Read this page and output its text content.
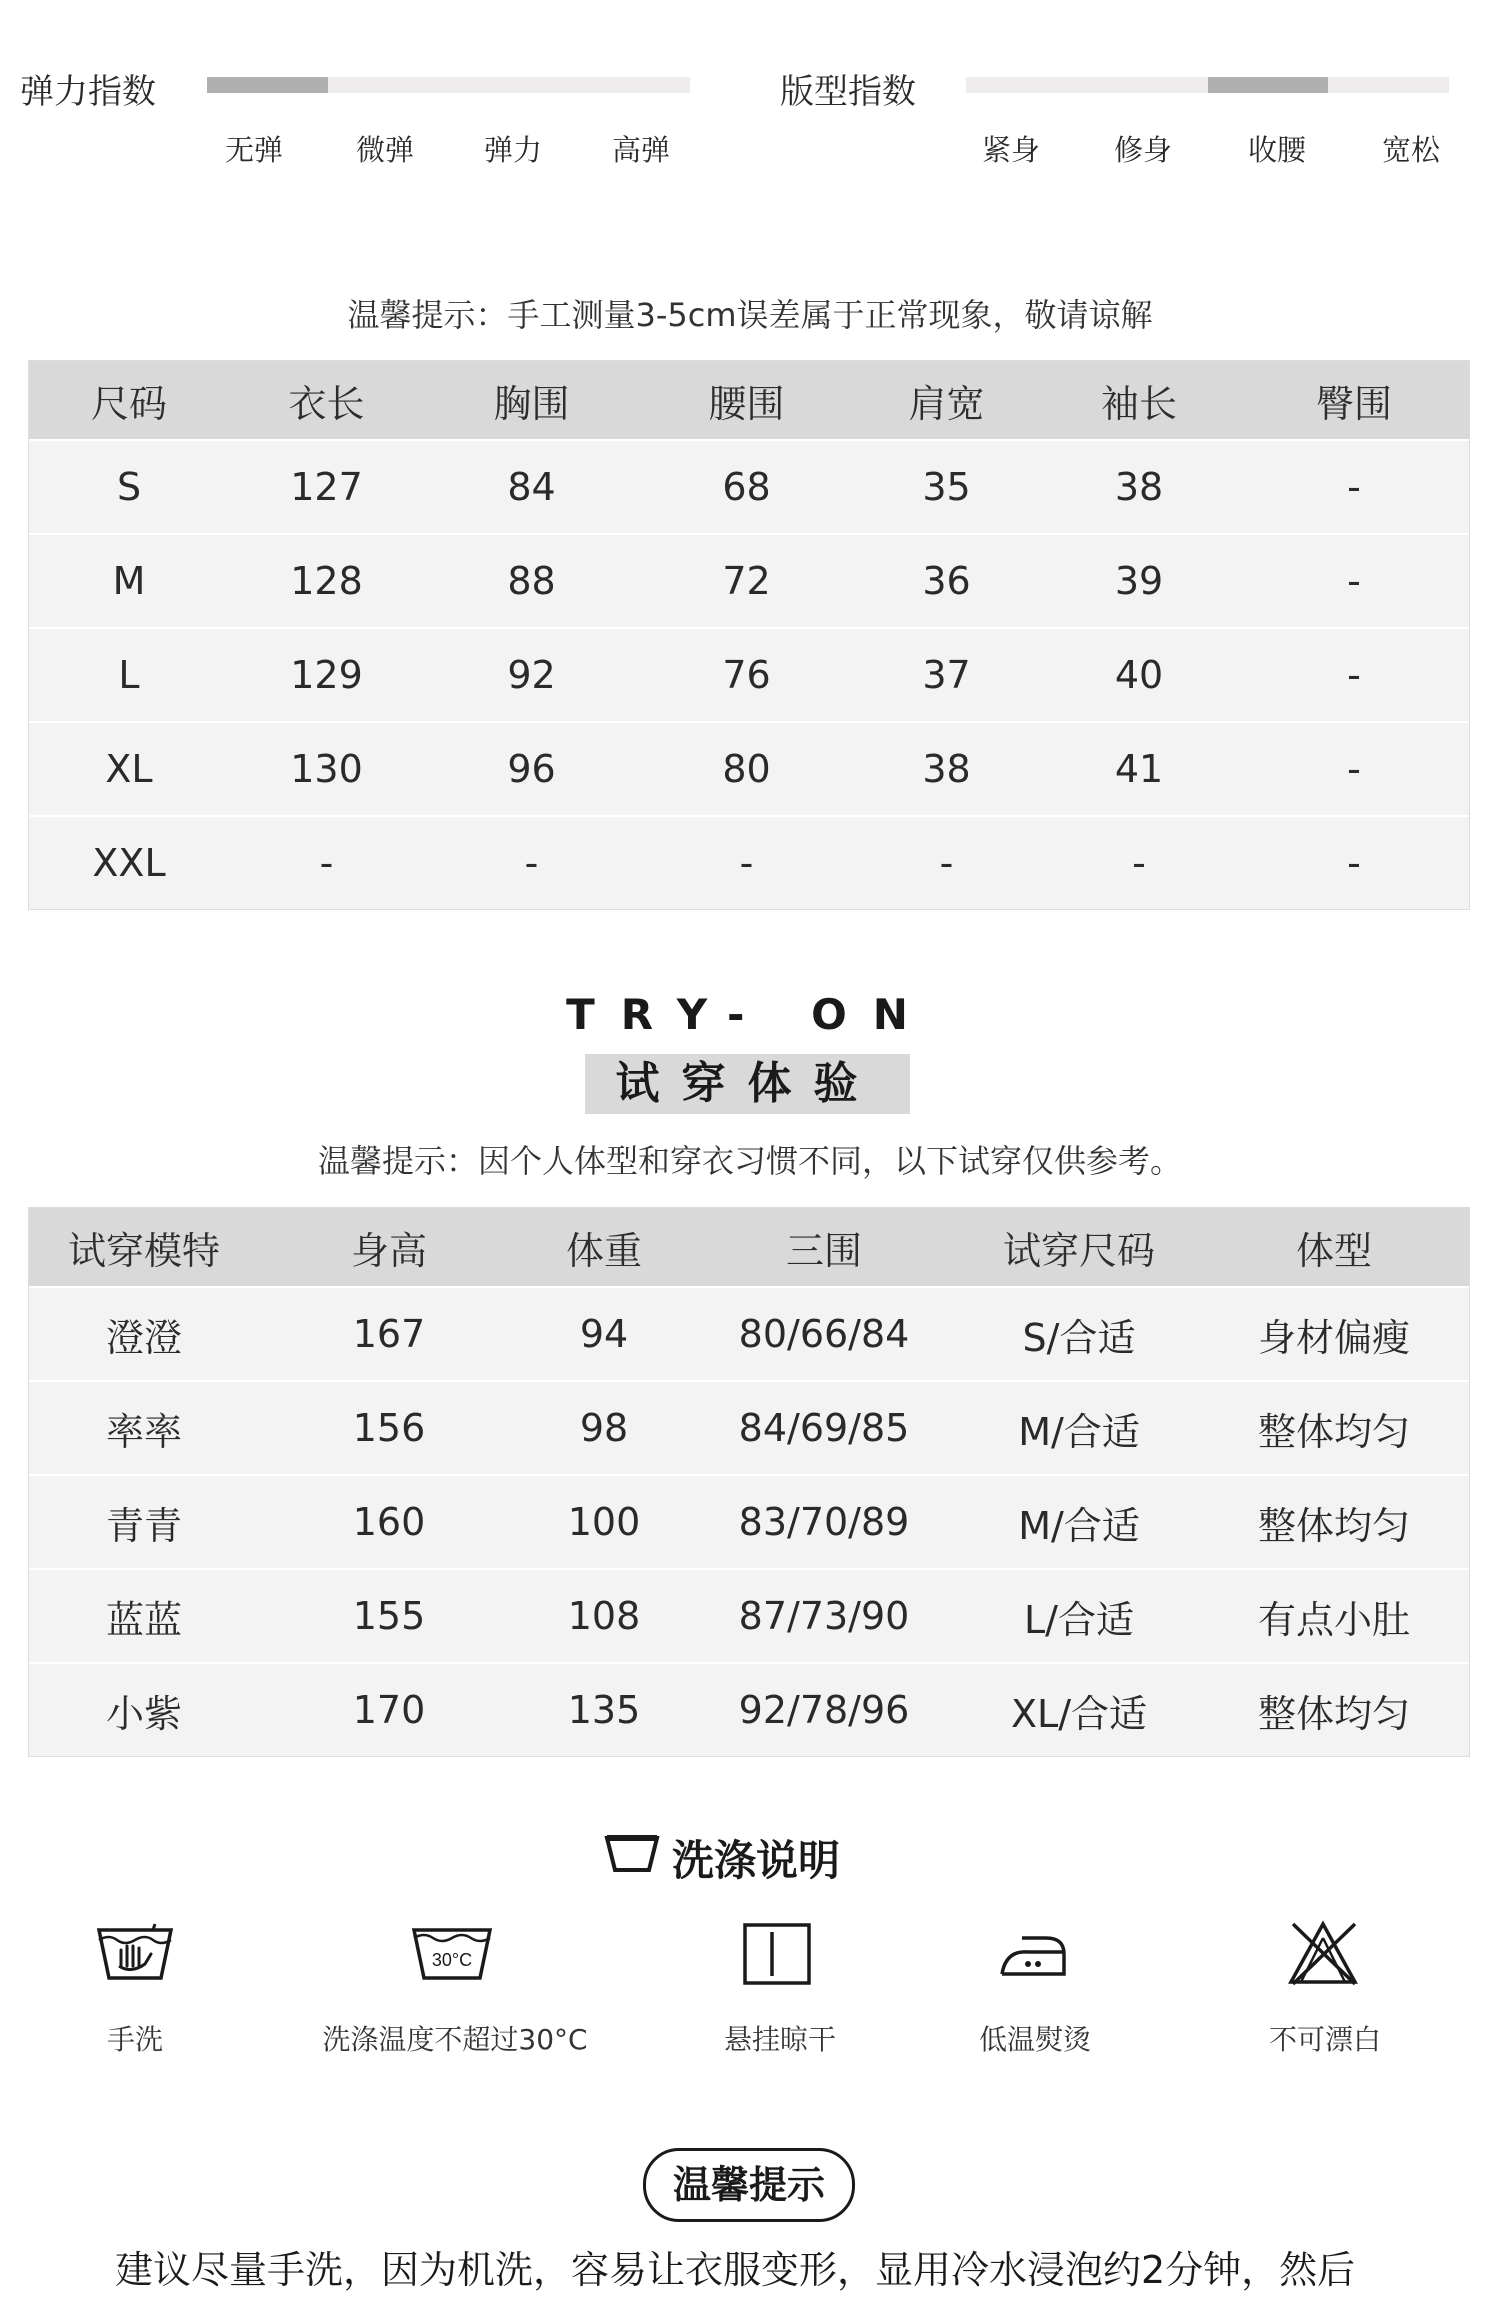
弹力指数
无弹	微弹 弹力 高弹
版型指数
紧身	修身	收腰	宽松
温馨提示：手工测量3-5cm误差属于正常现象，敬请谅解
尺码	衣长	胸围	腰围	肩宽	袖长	臀围
S	127	84	68	35	38	-
M	128	88	72	36	39	-
L	129	92	76	37	40	-
XL	130	96	80	38	41	-
XXL	-	-	-	-	-	-
TRY- ON
试穿体验
温馨提示：因个人体型和穿衣习惯不同，以下试穿仅供参考。
试穿模特	身高	体重	三围	试穿尺码	体型
澄澄	167	94	80/66/84	S/合适	身材偏瘦
率率	156	98	84/69/85	M/合适	整体均匀
青青	160	100	83/70/89	M/合适	整体均匀
蓝蓝	155	108	87/73/90	L/合适	有点小肚
小紫	170	135	92/78/96	XL/合适	整体均匀
洗涤说明
30°C
手洗	洗涤温度不超过30°C	悬挂晾干	低温熨烫	不可漂白
温馨提示
建议尽量手洗，因为机洗，容易让衣服变形，显用冷水浸泡约2分钟，然后
